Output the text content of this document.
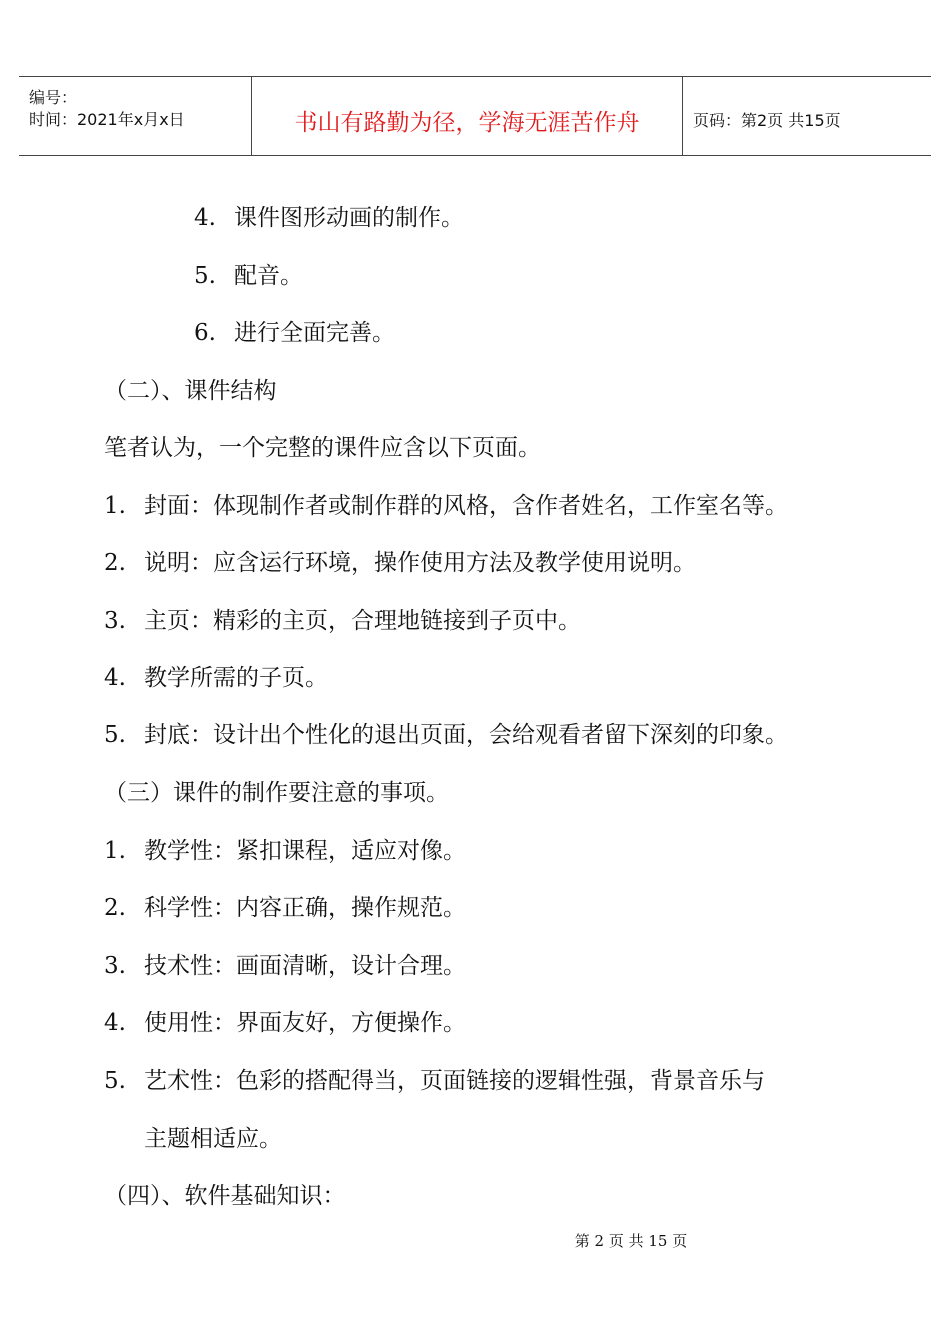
编号：
时间：2021年x月x日	书山有路勤为径，学海无涯苦作舟	页码：第2页 共15页
4. 课件图形动画的制作。
5. 配音。
6. 进行全面完善。
（二）、课件结构
笔者认为，一个完整的课件应含以下页面。
1. 封面：体现制作者或制作群的风格，含作者姓名，工作室名等。
2. 说明：应含运行环境，操作使用方法及教学使用说明。
3. 主页：精彩的主页，合理地链接到子页中。
4. 教学所需的子页。
5. 封底：设计出个性化的退出页面，会给观看者留下深刻的印象。
（三）课件的制作要注意的事项。
1. 教学性：紧扣课程，适应对像。
2. 科学性：内容正确，操作规范。
3. 技术性：画面清晰，设计合理。
4. 使用性：界面友好，方便操作。
5. 艺术性：色彩的搭配得当，页面链接的逻辑性强，背景音乐与
主题相适应。
（四）、软件基础知识：
第 2 页 共 15 页
